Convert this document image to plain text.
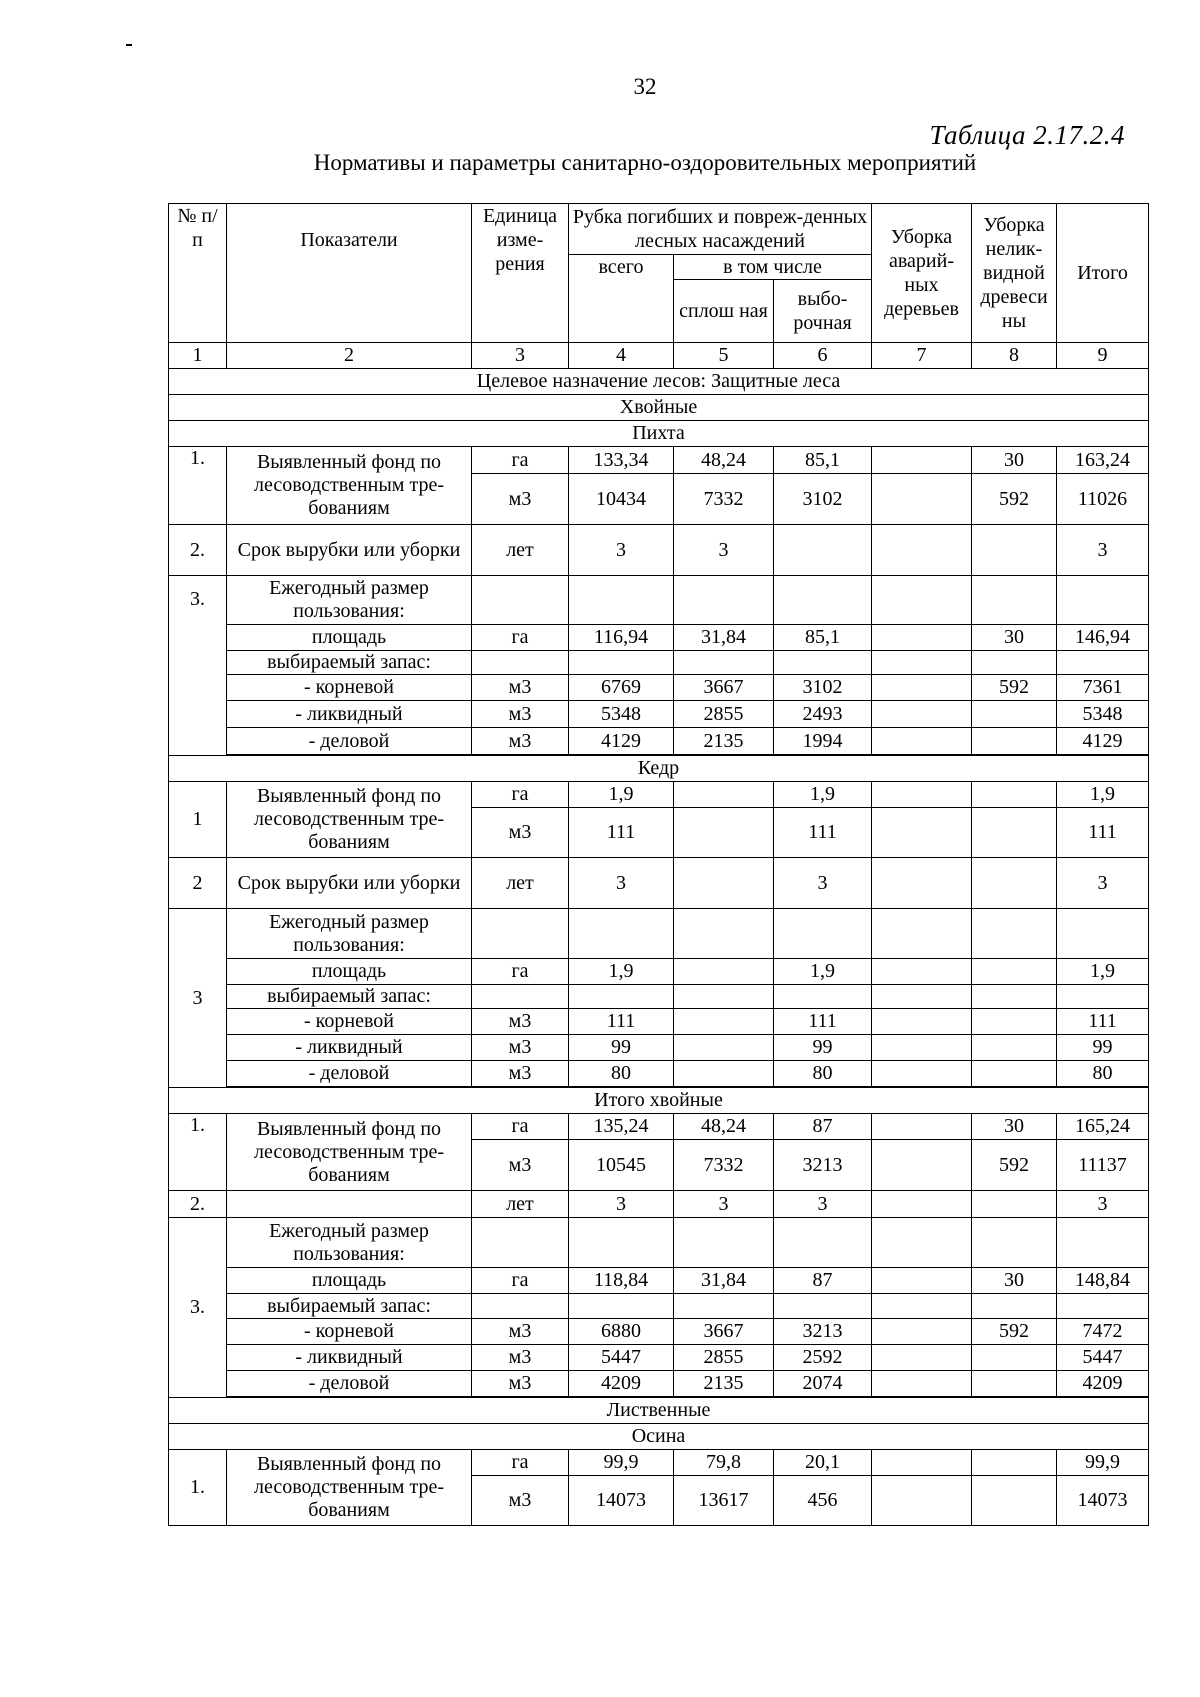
32
Таблица 2.17.2.4
Нормативы и параметры санитарно-оздоровительных мероприятий
№ п/п	Показатели	Единица изме-рения	Рубка погибших и повреж-денных лесных насаждений			Уборка аварий-ных деревьев	Уборка нелик-видной древеси ны	Итого
			всего	в том числе				
				сплош ная	выбо-рочная			
1	2	3	4	5	6	7	8	9
Целевое назначение лесов: Защитные леса								
Хвойные								
Пихта								
1.	Выявленный фонд по лесоводственным тре-бованиям	га	133,34	48,24	85,1		30	163,24
		м3	10434	7332	3102		592	11026
2.	Срок вырубки или уборки	лет	3	3				3
3.	Ежегодный размер пользования:							
	площадь	га	116,94	31,84	85,1		30	146,94
	выбираемый запас:							
	- корневой	м3	6769	3667	3102		592	7361
	- ликвидный	м3	5348	2855	2493			5348
	- деловой	м3	4129	2135	1994			4129

Кедр								
1	Выявленный фонд по лесоводственным тре-бованиям	га	1,9		1,9			1,9
		м3	111		111			111
2	Срок вырубки или уборки	лет	3		3			3
3	Ежегодный размер пользования:							
	площадь	га	1,9		1,9			1,9
	выбираемый запас:							
	- корневой	м3	111		111			111
	- ликвидный	м3	99		99			99
	- деловой	м3	80		80			80

Итого хвойные								
1.	Выявленный фонд по лесоводственным тре-бованиям	га	135,24	48,24	87		30	165,24
		м3	10545	7332	3213		592	11137
2.		лет	3	3	3			3
3.	Ежегодный размер пользования:							
	площадь	га	118,84	31,84	87		30	148,84
	выбираемый запас:							
	- корневой	м3	6880	3667	3213		592	7472
	- ликвидный	м3	5447	2855	2592			5447
	- деловой	м3	4209	2135	2074			4209

Лиственные								
Осина								
1.	Выявленный фонд по лесоводственным тре-бованиям	га	99,9	79,8	20,1			99,9
		м3	14073	13617	456			14073
